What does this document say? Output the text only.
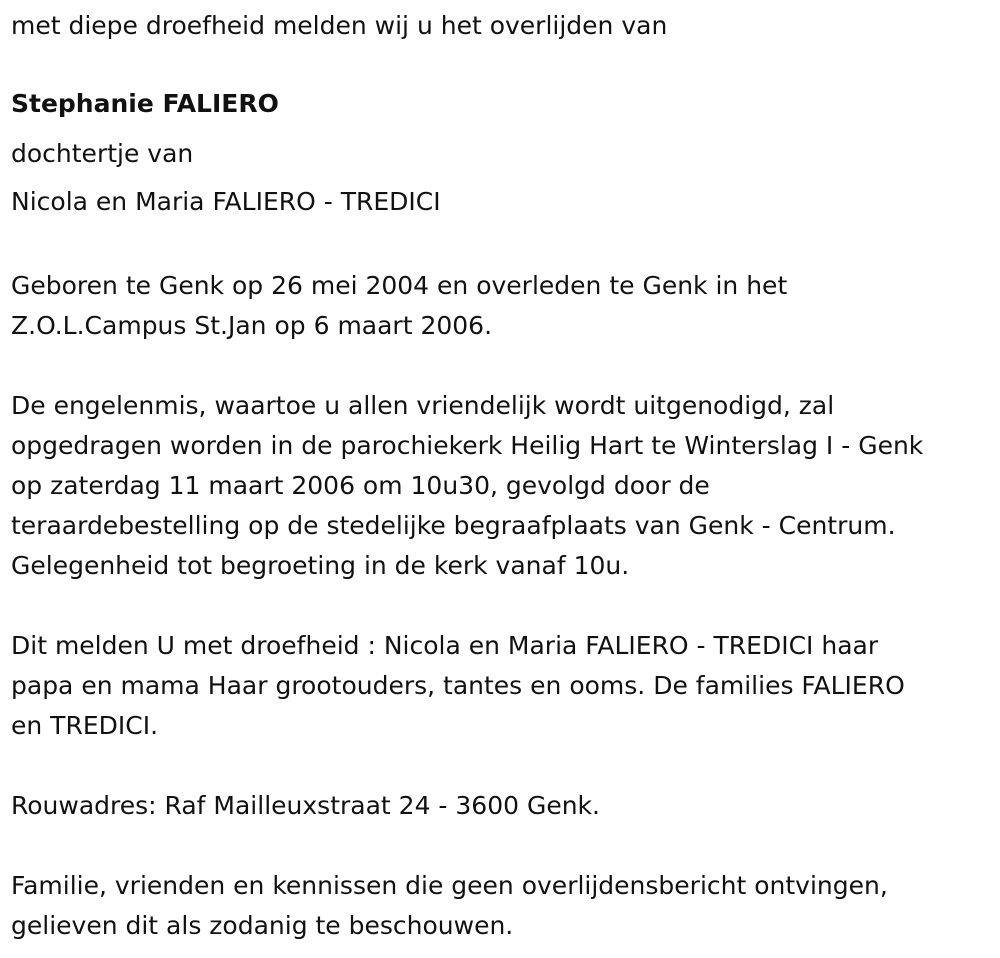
met diepe droefheid melden wij u het overlijden van

Stephanie FALIERO

dochtertje van

Nicola en Maria FALIERO - TREDICI

Geboren te Genk op 26 mei 2004 en overleden te Genk in het

Z.O.L.Campus St.Jan op 6 maart 2006.

De engelenmis, waartoe u allen vriendelijk wordt uitgenodigd, zal

opgedragen worden in de parochiekerk Heilig Hart te Winterslag I - Genk

op zaterdag 11 maart 2006 om 10u30, gevolgd door de

teraardebestelling op de stedelijke begraafplaats van Genk - Centrum.

Gelegenheid tot begroeting in de kerk vanaf 10u.

Dit melden U met droefheid : Nicola en Maria FALIERO - TREDICI haar

papa en mama Haar grootouders, tantes en ooms. De families FALIERO

en TREDICI.

Rouwadres: Raf Mailleuxstraat 24 - 3600 Genk.

Familie, vrienden en kennissen die geen overlijdensbericht ontvingen,

gelieven dit als zodanig te beschouwen.
